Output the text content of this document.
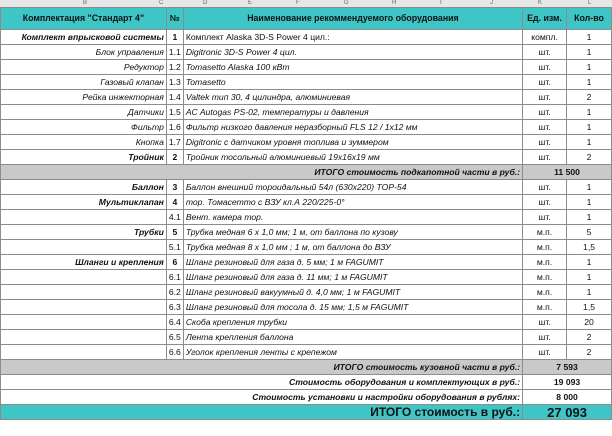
B	C	D	E	F	G	H	I	J	K	L
Комплектация "Стандарт 4"	№	Наименование рекоммендуемого оборудования	Ед. изм.	Кол-во
Комплект впрысковой системы	1	Комплект Alaska 3D-S Power 4 цил.:	компл.	1
Блок управления	1.1	Digitronic 3D-S Power 4 цил.	шт.	1
Редуктор	1.2	Tomasetto Alaska 100 кВт	шт.	1
Газовый клапан	1.3	Tomasetto	шт.	1
Рейка инжекторная	1.4	Valtek тип 30, 4 цилиндра, алюминиевая	шт.	2
Датчики	1.5	AC Autogas PS-02, температуры и давления	шт.	1
Фильтр	1.6	Фильтр низкого давления неразборный FLS 12 / 1x12 мм	шт.	1
Кнопка	1.7	Digitronic с датчиком уровня топлива и зуммером	шт.	1
Тройник	2	Тройник тосольный алюминиевый 19х16х19 мм	шт.	2
ИТОГО стоимость подкапотной части в руб.:			11 500	
Баллон	3	Баллон внешний тороидальный 54л (630х220) TOP-54	шт.	1
Мультиклапан	4	тор. Томасетто с ВЗУ кл.А 220/225-0°	шт.	1
	4.1	Вент. камера тор.	шт.	1
Трубки	5	Трубка медная 6 х 1,0 мм; 1 м, от баллона по кузову	м.п.	5
	5.1	Трубка медная 8 х 1,0 мм ; 1 м, от баллона до ВЗУ	м.п.	1,5
Шланги и крепления	6	Шланг резиновый для газа д. 5 мм; 1 м FAGUMIT	м.п.	1
	6.1	Шланг резиновый для газа д. 11 мм; 1 м FAGUMIT	м.п.	1
	6.2	Шланг резиновый вакуумный д. 4,0 мм; 1 м FAGUMIT	м.п.	1
	6.3	Шланг резиновый для тосола д. 15 мм; 1,5 м FAGUMIT	м.п.	1,5
	6.4	Скоба крепления трубки	шт.	20
	6.5	Лента крепления баллона	шт.	2
	6.6	Уголок крепления ленты с крепежом	шт.	2
ИТОГО стоимость кузовной части в руб.:			7 593	
Стоимость оборудования и комплектующих в руб.:			19 093	
Стоимость установки и настройки оборудования в рублях:			8 000	
ИТОГО стоимость в руб.:			27 093	
